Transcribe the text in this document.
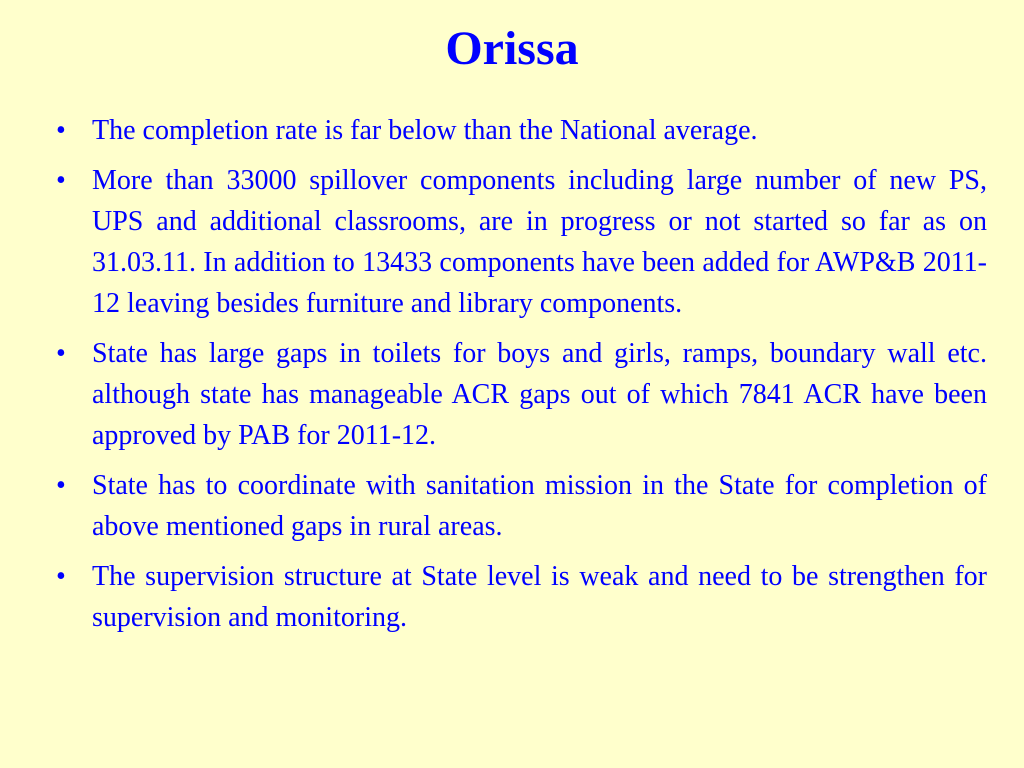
Orissa
• The completion rate is far below than the National average.
• More than 33000 spillover components including large number of new PS, UPS and additional classrooms, are in progress or not started so far as on 31.03.11. In addition to 13433 components have been added for AWP&B 2011-12 leaving besides furniture and library components.
• State has large gaps in toilets for boys and girls, ramps, boundary wall etc. although state has manageable ACR gaps out of which 7841 ACR have been approved by PAB for 2011-12.
• State has to coordinate with sanitation mission in the State for completion of above mentioned gaps in rural areas.
• The supervision structure at State level is weak and need to be strengthen for supervision and monitoring.
